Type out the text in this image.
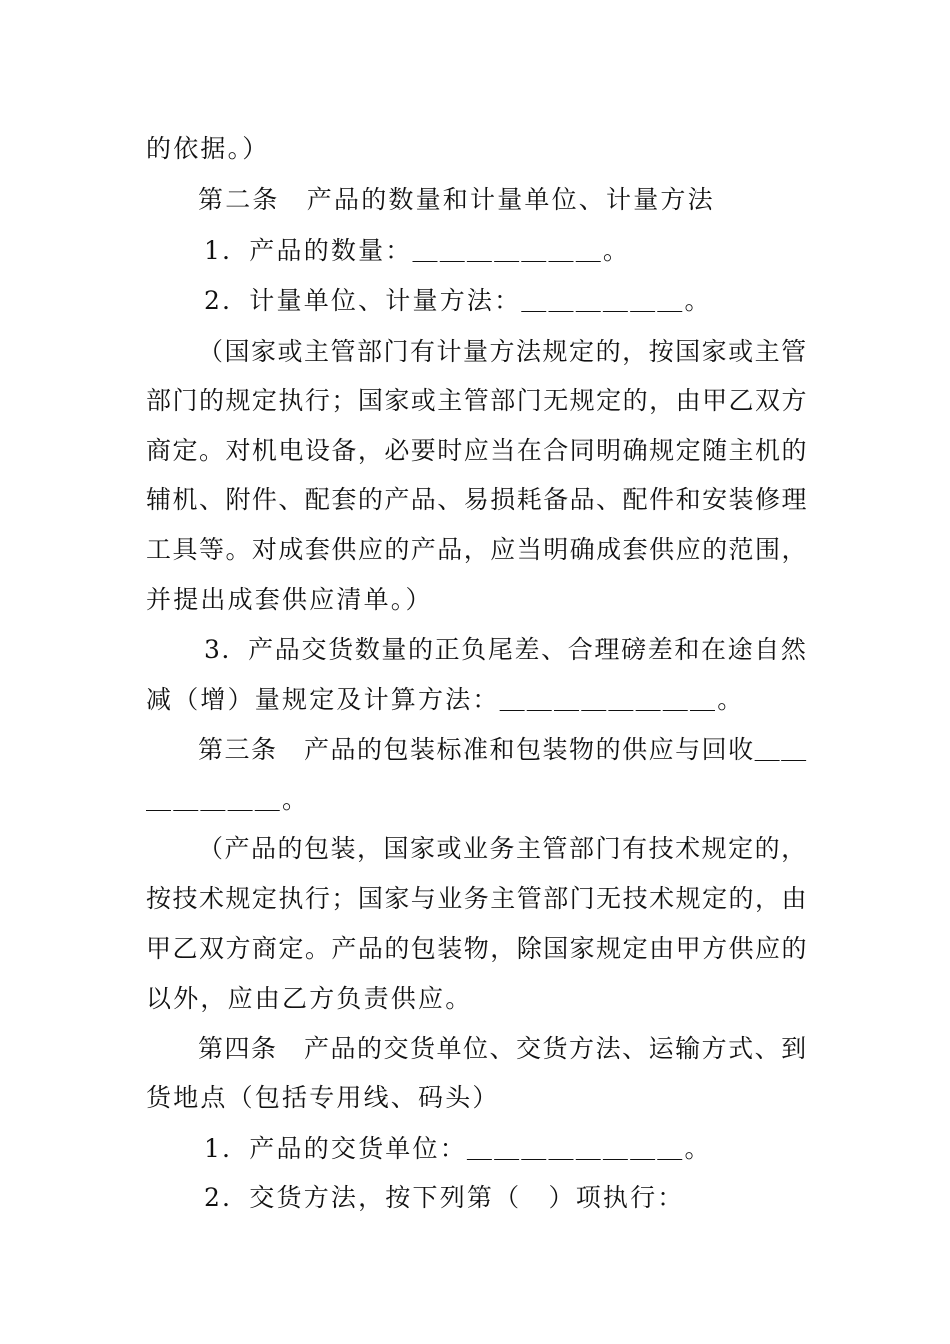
的依据。）
第二条　产品的数量和计量单位、计量方法
1．产品的数量：＿＿＿＿＿＿＿。
2．计量单位、计量方法：＿＿＿＿＿＿。
（国家或主管部门有计量方法规定的，按国家或主管
部门的规定执行；国家或主管部门无规定的，由甲乙双方
商定。对机电设备，必要时应当在合同明确规定随主机的
辅机、附件、配套的产品、易损耗备品、配件和安装修理
工具等。对成套供应的产品，应当明确成套供应的范围，
并提出成套供应清单。）
3．产品交货数量的正负尾差、合理磅差和在途自然
减（增）量规定及计算方法：＿＿＿＿＿＿＿＿。
第三条　产品的包装标准和包装物的供应与回收＿＿
＿＿＿＿＿。
（产品的包装，国家或业务主管部门有技术规定的，
按技术规定执行；国家与业务主管部门无技术规定的，由
甲乙双方商定。产品的包装物，除国家规定由甲方供应的
以外，应由乙方负责供应。
第四条　产品的交货单位、交货方法、运输方式、到
货地点（包括专用线、码头）
1．产品的交货单位：＿＿＿＿＿＿＿＿。
2．交货方法，按下列第（　）项执行：
